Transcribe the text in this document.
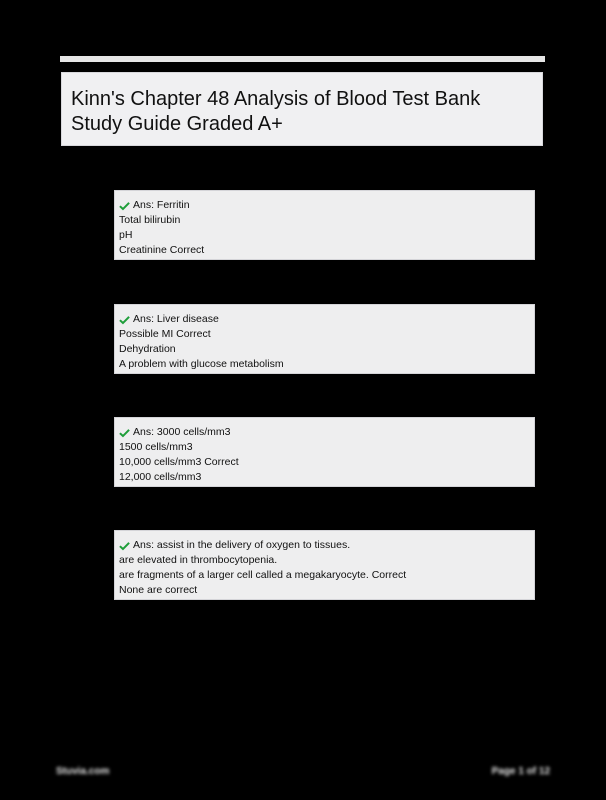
Kinn's Chapter 48 Analysis of Blood Test Bank
Study Guide Graded A+
Ans: Ferritin
Total bilirubin
pH
Creatinine Correct
Ans: Liver disease
Possible MI Correct
Dehydration
A problem with glucose metabolism
Ans: 3000 cells/mm3
1500 cells/mm3
10,000 cells/mm3 Correct
12,000 cells/mm3
Ans: assist in the delivery of oxygen to tissues.
are elevated in thrombocytopenia.
are fragments of a larger cell called a megakaryocyte. Correct
None are correct
Stuvia.com	Page 1 of 12
